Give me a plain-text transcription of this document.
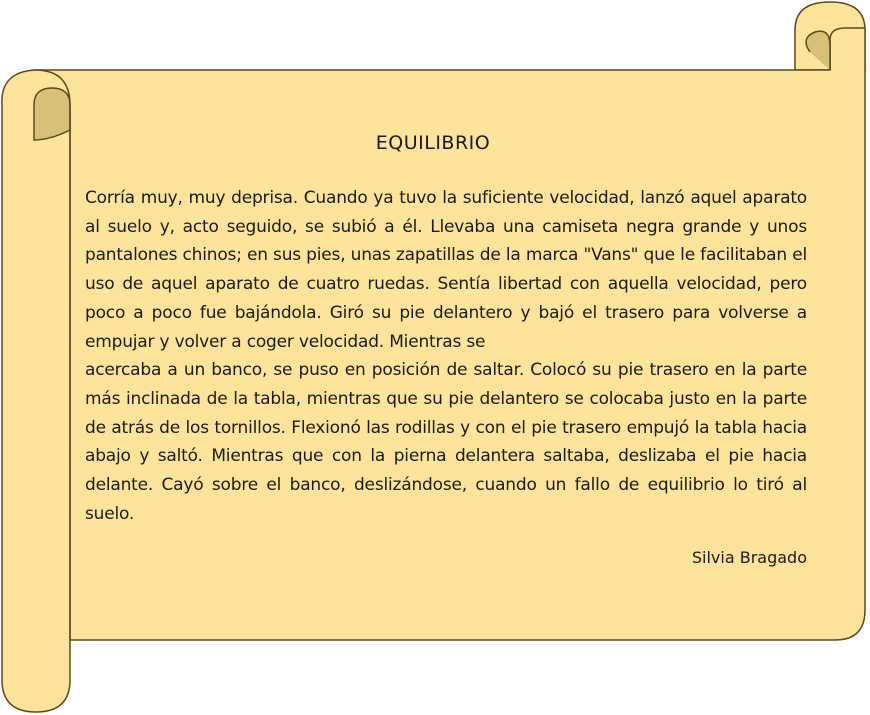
EQUILIBRIO

Corría muy, muy deprisa. Cuando ya tuvo la suficiente velocidad, lanzó aquel aparato al suelo y, acto seguido, se subió a él. Llevaba una camiseta negra grande y unos pantalones chinos; en sus pies, unas zapatillas de la marca "Vans" que le facilitaban el uso de aquel aparato de cuatro ruedas. Sentía libertad con aquella velocidad, pero poco a poco fue bajándola. Giró su pie delantero y bajó el trasero para volverse a empujar y volver a coger velocidad. Mientras se

acercaba a un banco, se puso en posición de saltar. Colocó su pie trasero en la parte más inclinada de la tabla, mientras que su pie delantero se colocaba justo en la parte de atrás de los tornillos. Flexionó las rodillas y con el pie trasero empujó la tabla hacia abajo y saltó. Mientras que con la pierna delantera saltaba, deslizaba el pie hacia delante. Cayó sobre el banco, deslizándose, cuando un fallo de equilibrio lo tiró al suelo.

Silvia Bragado
